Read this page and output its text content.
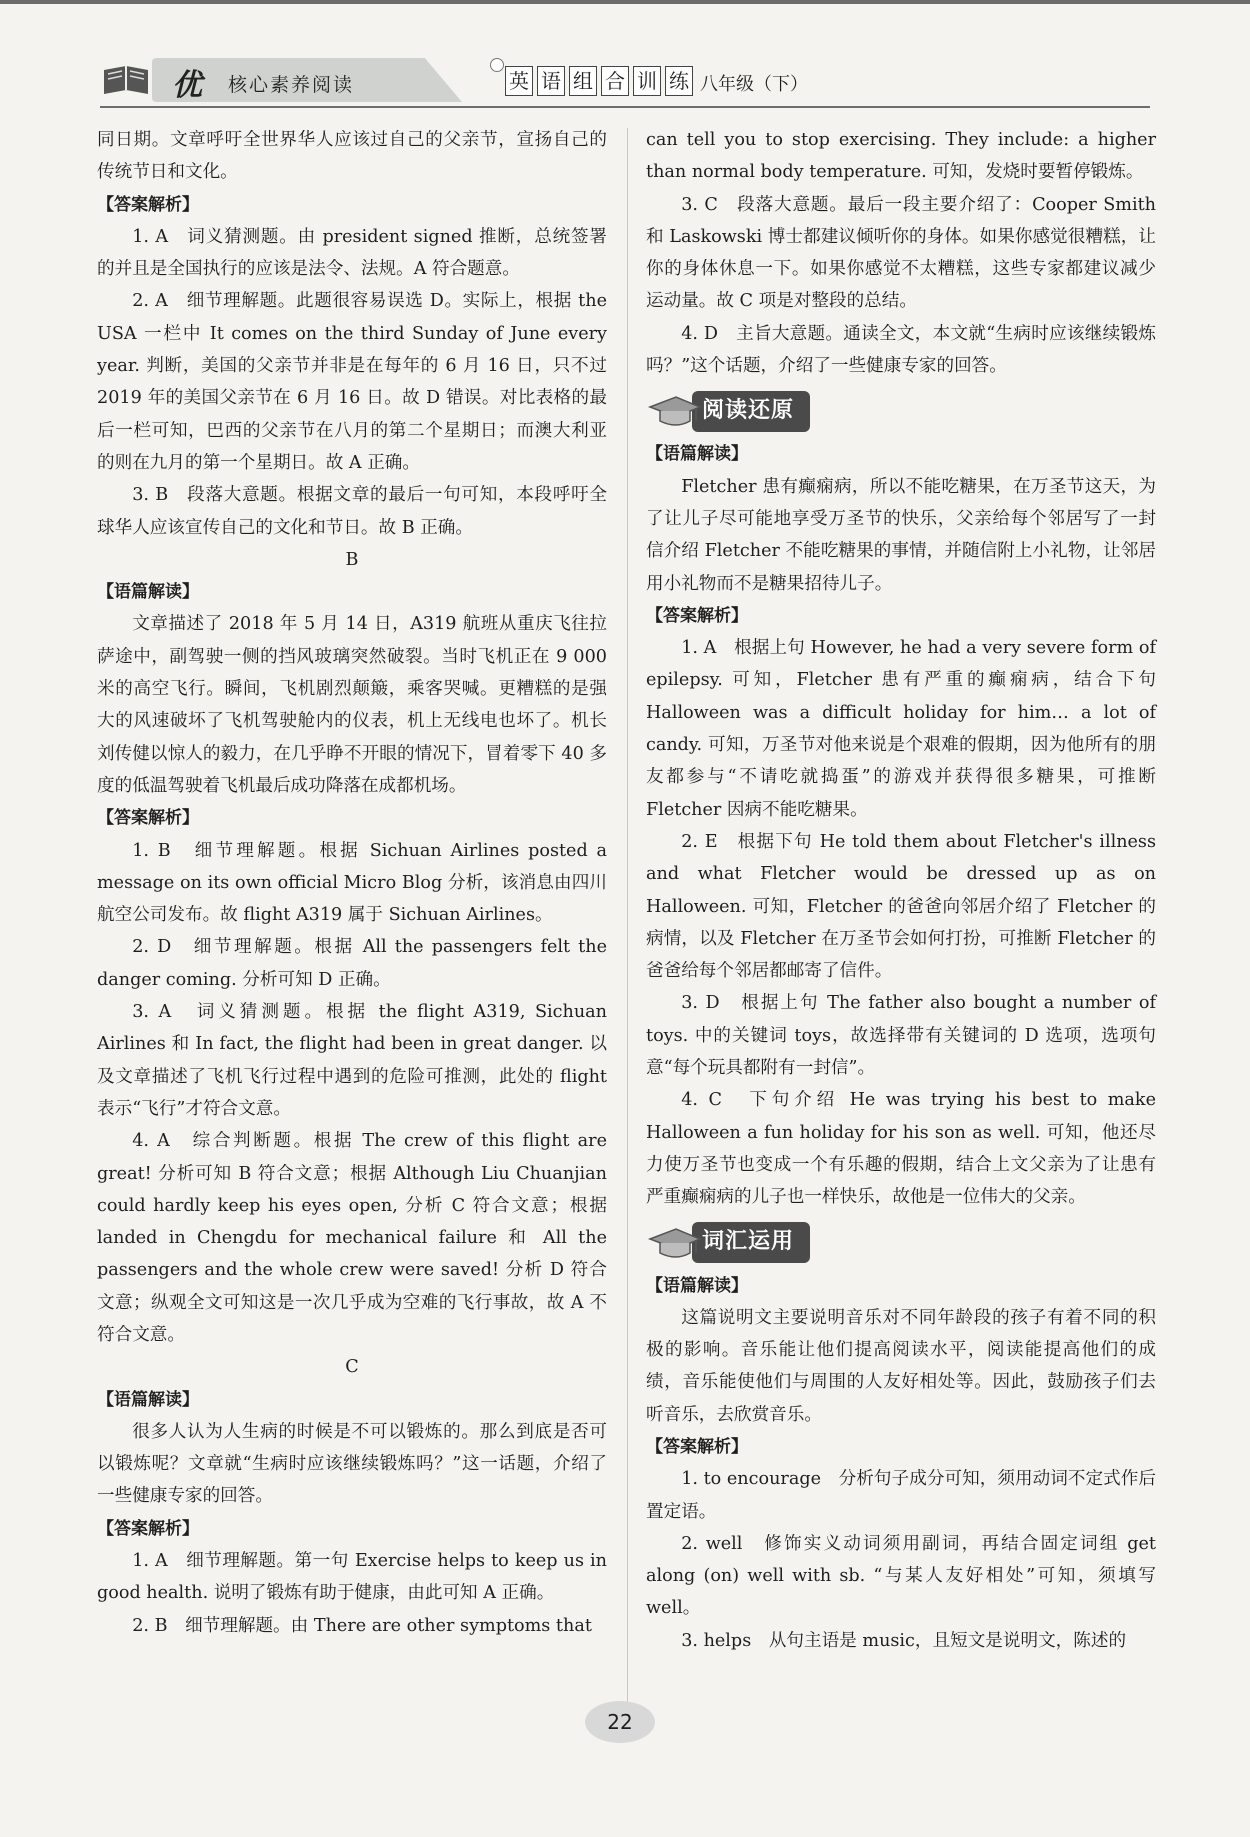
优 核心素养阅读	英 语 组 合 训 练 八年级（下）

同日期。文章呼吁全世界华人应该过自己的父亲节，宣扬自己的传统节日和文化。

【答案解析】

1. A　词义猜测题。由 president signed 推断，总统签署的并且是全国执行的应该是法令、法规。A 符合题意。

2. A　细节理解题。此题很容易误选 D。实际上，根据 the USA 一栏中 It comes on the third Sunday of June every year. 判断，美国的父亲节并非是在每年的 6 月 16 日，只不过 2019 年的美国父亲节在 6 月 16 日。故 D 错误。对比表格的最后一栏可知，巴西的父亲节在八月的第二个星期日；而澳大利亚的则在九月的第一个星期日。故 A 正确。

3. B　段落大意题。根据文章的最后一句可知，本段呼吁全球华人应该宣传自己的文化和节日。故 B 正确。

B

【语篇解读】

文章描述了 2018 年 5 月 14 日，A319 航班从重庆飞往拉萨途中，副驾驶一侧的挡风玻璃突然破裂。当时飞机正在 9 000 米的高空飞行。瞬间，飞机剧烈颠簸，乘客哭喊。更糟糕的是强大的风速破坏了飞机驾驶舱内的仪表，机上无线电也坏了。机长刘传健以惊人的毅力，在几乎睁不开眼的情况下，冒着零下 40 多度的低温驾驶着飞机最后成功降落在成都机场。

【答案解析】

1. B　细节理解题。根据 Sichuan Airlines posted a message on its own official Micro Blog 分析，该消息由四川航空公司发布。故 flight A319 属于 Sichuan Airlines。

2. D　细节理解题。根据 All the passengers felt the danger coming. 分析可知 D 正确。

3. A　词义猜测题。根据 the flight A319, Sichuan Airlines 和 In fact, the flight had been in great danger. 以及文章描述了飞机飞行过程中遇到的危险可推测，此处的 flight 表示“飞行”才符合文意。

4. A　综合判断题。根据 The crew of this flight are great! 分析可知 B 符合文意；根据 Although Liu Chuanjian could hardly keep his eyes open, 分析 C 符合文意；根据 landed in Chengdu for mechanical failure 和 All the passengers and the whole crew were saved! 分析 D 符合文意；纵观全文可知这是一次几乎成为空难的飞行事故，故 A 不符合文意。

C

【语篇解读】

很多人认为人生病的时候是不可以锻炼的。那么到底是否可以锻炼呢？文章就“生病时应该继续锻炼吗？”这一话题，介绍了一些健康专家的回答。

【答案解析】

1. A　细节理解题。第一句 Exercise helps to keep us in good health. 说明了锻炼有助于健康，由此可知 A 正确。

2. B　细节理解题。由 There are other symptoms that

can tell you to stop exercising. They include: a higher than normal body temperature. 可知，发烧时要暂停锻炼。

3. C　段落大意题。最后一段主要介绍了：Cooper Smith 和 Laskowski 博士都建议倾听你的身体。如果你感觉很糟糕，让你的身体休息一下。如果你感觉不太糟糕，这些专家都建议减少运动量。故 C 项是对整段的总结。

4. D　主旨大意题。通读全文，本文就“生病时应该继续锻炼吗？”这个话题，介绍了一些健康专家的回答。

阅读还原

【语篇解读】

Fletcher 患有癫痫病，所以不能吃糖果，在万圣节这天，为了让儿子尽可能地享受万圣节的快乐，父亲给每个邻居写了一封信介绍 Fletcher 不能吃糖果的事情，并随信附上小礼物，让邻居用小礼物而不是糖果招待儿子。

【答案解析】

1. A　根据上句 However, he had a very severe form of epilepsy. 可知，Fletcher 患有严重的癫痫病，结合下句 Halloween was a difficult holiday for him… a lot of candy. 可知，万圣节对他来说是个艰难的假期，因为他所有的朋友都参与“不请吃就捣蛋”的游戏并获得很多糖果，可推断 Fletcher 因病不能吃糖果。

2. E　根据下句 He told them about Fletcher's illness and what Fletcher would be dressed up as on Halloween. 可知，Fletcher 的爸爸向邻居介绍了 Fletcher 的病情，以及 Fletcher 在万圣节会如何打扮，可推断 Fletcher 的爸爸给每个邻居都邮寄了信件。

3. D　根据上句 The father also bought a number of toys. 中的关键词 toys，故选择带有关键词的 D 选项，选项句意“每个玩具都附有一封信”。

4. C　下句介绍 He was trying his best to make Halloween a fun holiday for his son as well. 可知，他还尽力使万圣节也变成一个有乐趣的假期，结合上文父亲为了让患有严重癫痫病的儿子也一样快乐，故他是一位伟大的父亲。

词汇运用

【语篇解读】

这篇说明文主要说明音乐对不同年龄段的孩子有着不同的积极的影响。音乐能让他们提高阅读水平，阅读能提高他们的成绩，音乐能使他们与周围的人友好相处等。因此，鼓励孩子们去听音乐，去欣赏音乐。

【答案解析】

1. to encourage　分析句子成分可知，须用动词不定式作后置定语。

2. well　修饰实义动词须用副词，再结合固定词组 get along (on) well with sb. “与某人友好相处”可知，须填写 well。

3. helps　从句主语是 music，且短文是说明文，陈述的

22
